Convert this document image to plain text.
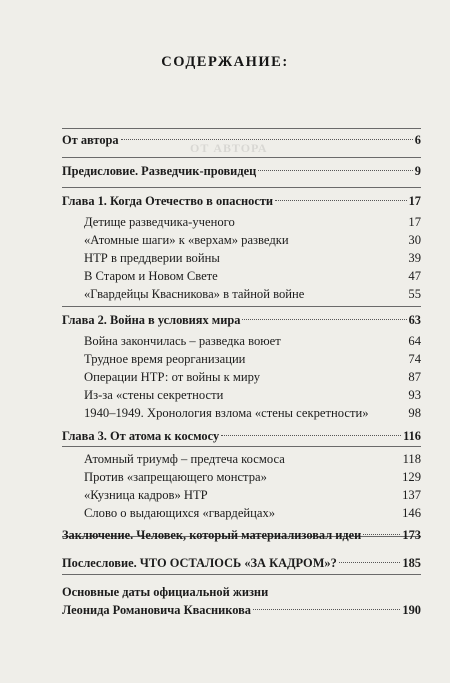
ОТ АВТОРА
СОДЕРЖАНИЕ:
От автора	6
Предисловие. Разведчик-провидец	9
Глава 1. Когда Отечество в опасности	17
Детище разведчика-ученого	17
«Атомные шаги» к «верхам» разведки	30
НТР в преддверии войны	39
В Старом и Новом Свете	47
«Гвардейцы Квасникова» в тайной войне	55
Глава 2. Война в условиях мира	63
Война закончилась – разведка воюет	64
Трудное время реорганизации	74
Операции НТР: от войны к миру	87
Из-за «стены секретности	93
1940–1949. Хронология взлома «стены секретности»	98
Глава 3. От атома к космосу	116
Атомный триумф – предтеча космоса	118
Против «запрещающего монстра»	129
«Кузница кадров» НТР	137
Слово о выдающихся «гвардейцах»	146
Заключение. Человек, который материализовал идеи	173
Послесловие. ЧТО ОСТАЛОСЬ «ЗА КАДРОМ»?	185
Основные даты официальной жизни
Леонида Романовича Квасникова	190
